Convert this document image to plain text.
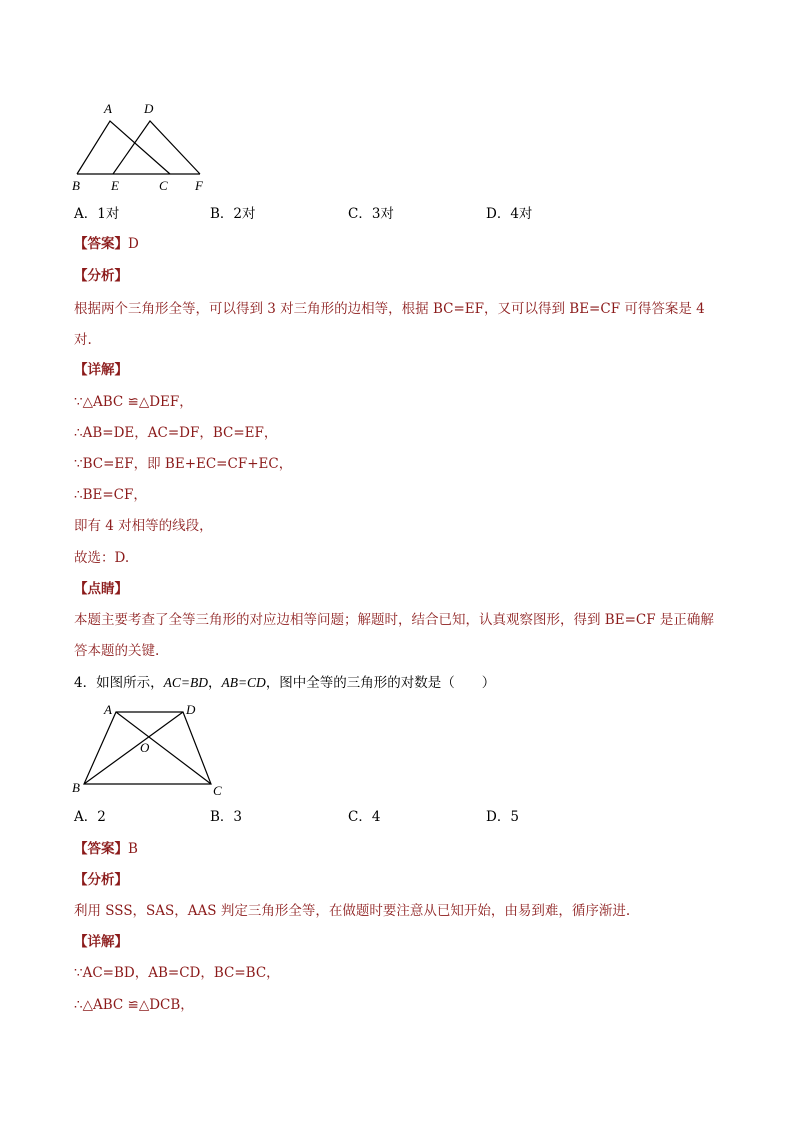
A D
B E	C F
A．1对	B．2对	C．3对	D．4对
【答案】D
【分析】
根据两个三角形全等，可以得到 3 对三角形的边相等，根据 BC=EF，又可以得到 BE=CF 可得答案是 4
对.
【详解】
∵△ABC ≌△DEF，
∴AB=DE，AC=DF，BC=EF，
∵BC=EF，即 BE+EC=CF+EC，
∴BE=CF，
即有 4 对相等的线段，
故选：D.
【点睛】
本题主要考查了全等三角形的对应边相等问题；解题时，结合已知，认真观察图形，得到 BE=CF 是正确解
答本题的关键.
4．如图所示，AC=BD，AB=CD，图中全等的三角形的对数是（　　）
A	D
O
B	C
A．2	B．3	C．4	D．5
【答案】B
【分析】
利用 SSS，SAS，AAS 判定三角形全等，在做题时要注意从已知开始，由易到难，循序渐进.
【详解】
∵AC=BD，AB=CD，BC=BC，
∴△ABC ≌△DCB，
